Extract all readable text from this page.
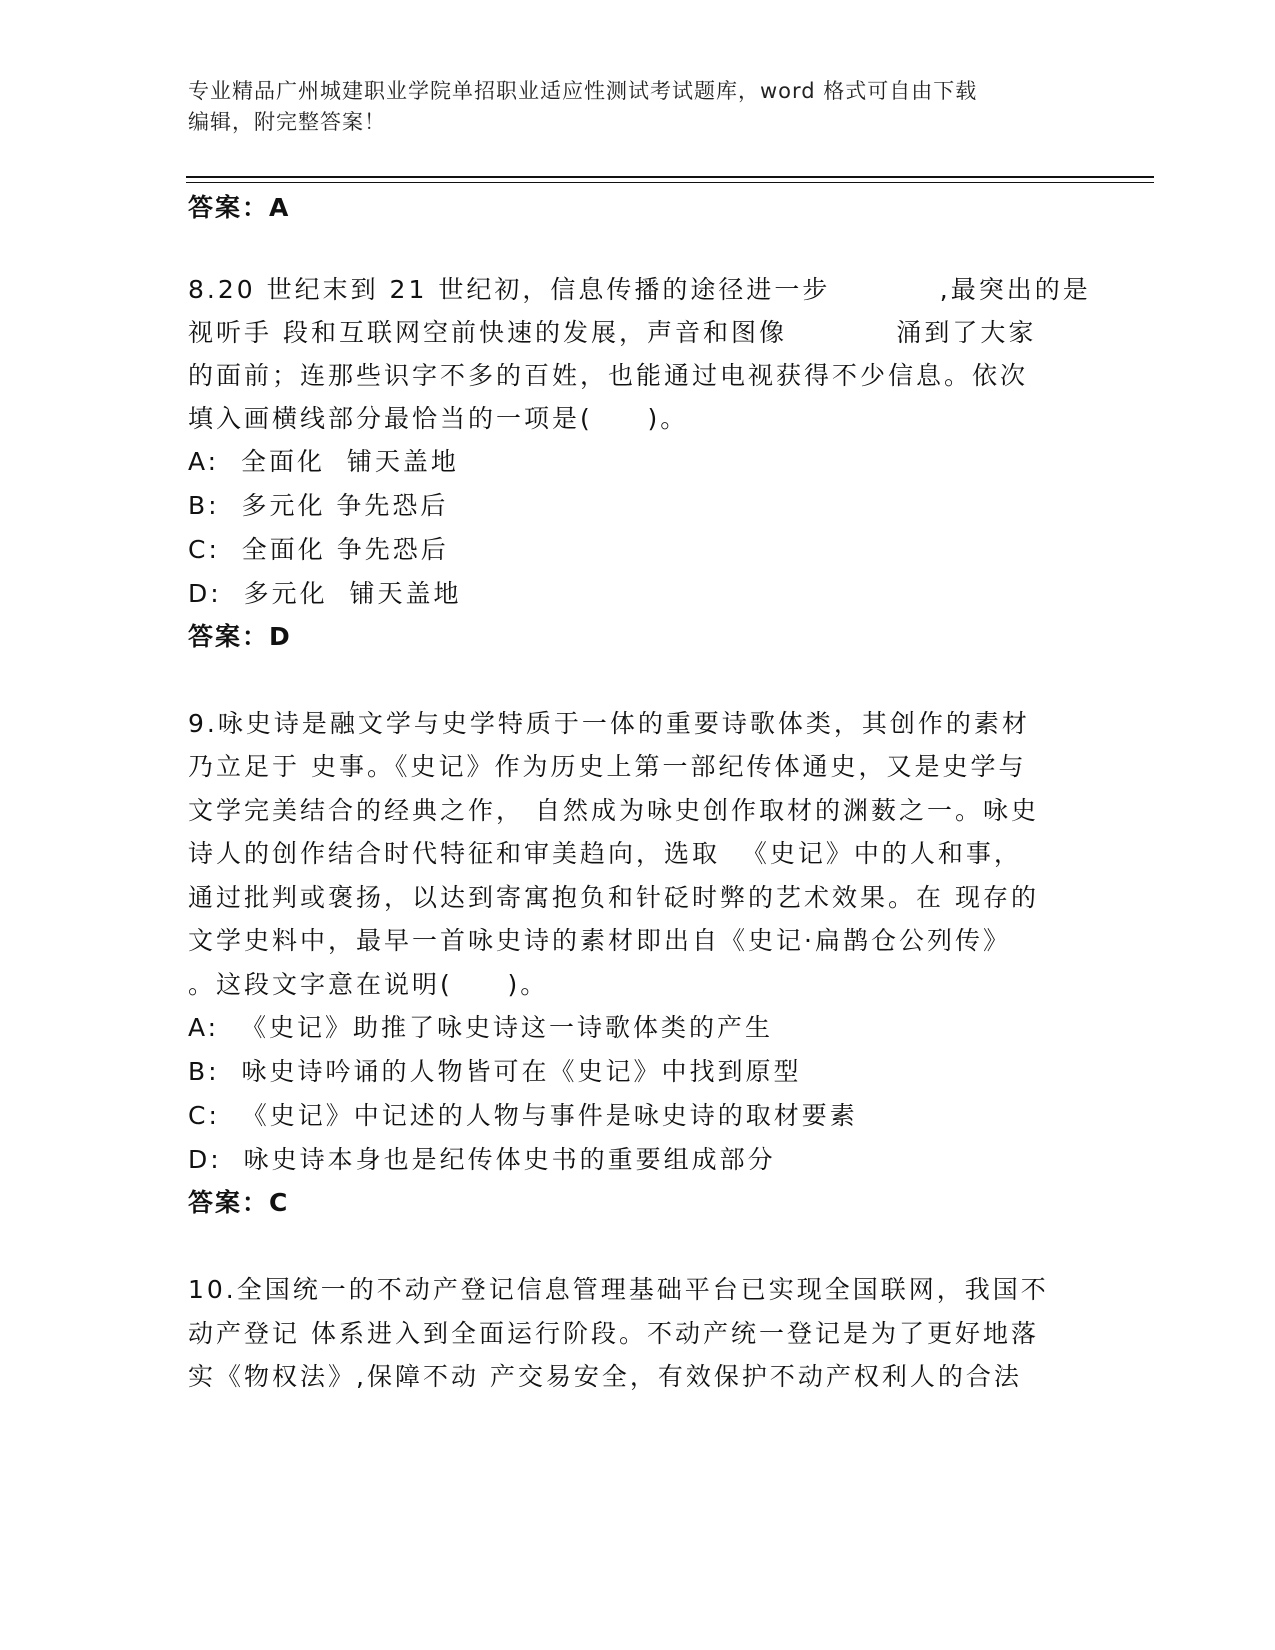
专业精品广州城建职业学院单招职业适应性测试考试题库，word 格式可自由下载
编辑，附完整答案！
答案：A
8.20 世纪末到 21 世纪初，信息传播的途径进一步          ,最突出的是
视听手 段和互联网空前快速的发展，声音和图像          涌到了大家
的面前；连那些识字不多的百姓，也能通过电视获得不少信息。依次
填入画横线部分最恰当的一项是(     )。
A:  全面化  铺天盖地
B:  多元化 争先恐后
C:  全面化 争先恐后
D:  多元化  铺天盖地
答案：D
9.咏史诗是融文学与史学特质于一体的重要诗歌体类，其创作的素材
乃立足于 史事。《史记》作为历史上第一部纪传体通史，又是史学与
文学完美结合的经典之作， 自然成为咏史创作取材的渊薮之一。咏史
诗人的创作结合时代特征和审美趋向，选取  《史记》中的人和事，
通过批判或褒扬，以达到寄寓抱负和针砭时弊的艺术效果。在 现存的
文学史料中，最早一首咏史诗的素材即出自《史记·扁鹊仓公列传》
。这段文字意在说明(     )。
A:  《史记》助推了咏史诗这一诗歌体类的产生
B:  咏史诗吟诵的人物皆可在《史记》中找到原型
C:  《史记》中记述的人物与事件是咏史诗的取材要素
D:  咏史诗本身也是纪传体史书的重要组成部分
答案：C
10.全国统一的不动产登记信息管理基础平台已实现全国联网，我国不
动产登记 体系进入到全面运行阶段。不动产统一登记是为了更好地落
实《物权法》,保障不动 产交易安全，有效保护不动产权利人的合法
